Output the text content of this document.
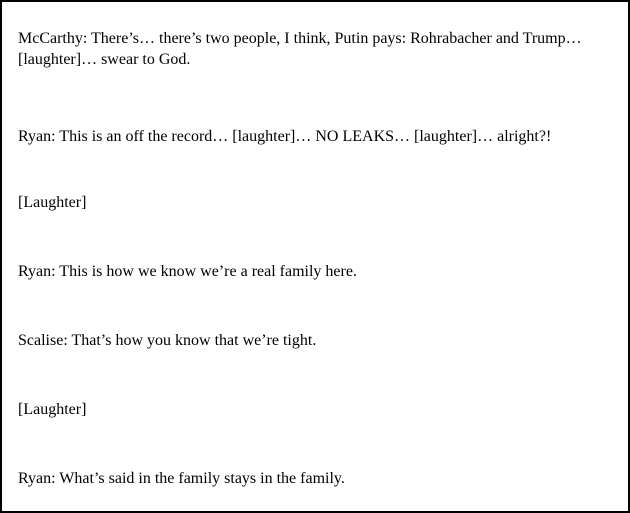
McCarthy: There’s… there’s two people, I think, Putin pays: Rohrabacher and Trump… [laughter]… swear to God.

Ryan: This is an off the record… [laughter]… NO LEAKS… [laughter]… alright?!

[Laughter]

Ryan: This is how we know we’re a real family here.

Scalise: That’s how you know that we’re tight.

[Laughter]

Ryan: What’s said in the family stays in the family.
